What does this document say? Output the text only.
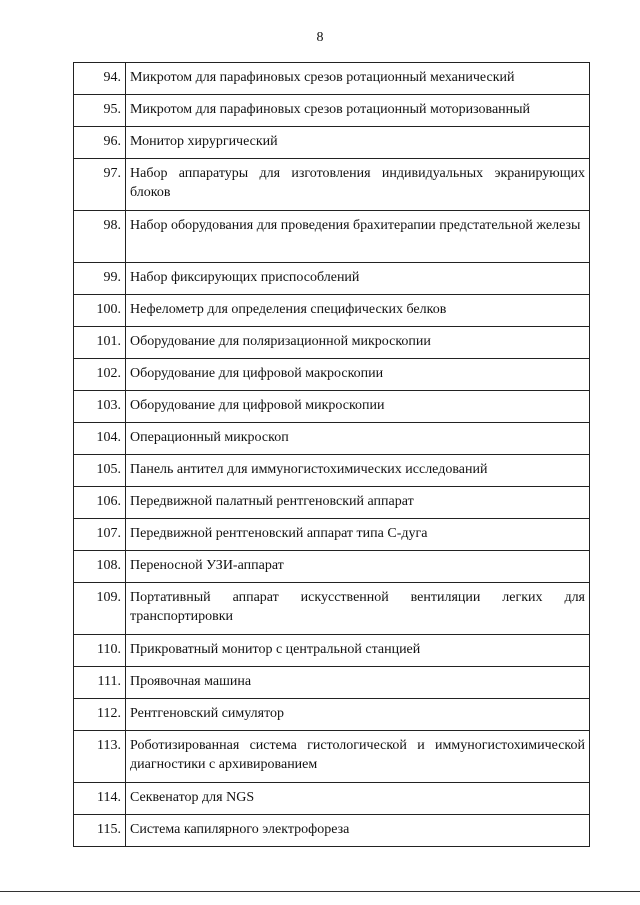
8
94.	Микротом для парафиновых срезов ротационный механический
95.	Микротом для парафиновых срезов ротационный моторизованный
96.	Монитор хирургический
97.	Набор аппаратуры для изготовления индивидуальных экранирующих блоков
98.	Набор оборудования для проведения брахитерапии предстательной железы
99.	Набор фиксирующих приспособлений
100.	Нефелометр для определения специфических белков
101.	Оборудование для поляризационной микроскопии
102.	Оборудование для цифровой макроскопии
103.	Оборудование для цифровой микроскопии
104.	Операционный микроскоп
105.	Панель антител для иммуногистохимических исследований
106.	Передвижной палатный рентгеновский аппарат
107.	Передвижной рентгеновский аппарат типа С-дуга
108.	Переносной УЗИ-аппарат
109.	Портативный аппарат искусственной вентиляции легких для транспортировки
110.	Прикроватный монитор с центральной станцией
111.	Проявочная машина
112.	Рентгеновский симулятор
113.	Роботизированная система гистологической и иммуногистохимической диагностики с архивированием
114.	Секвенатор для NGS
115.	Система капилярного электрофореза
